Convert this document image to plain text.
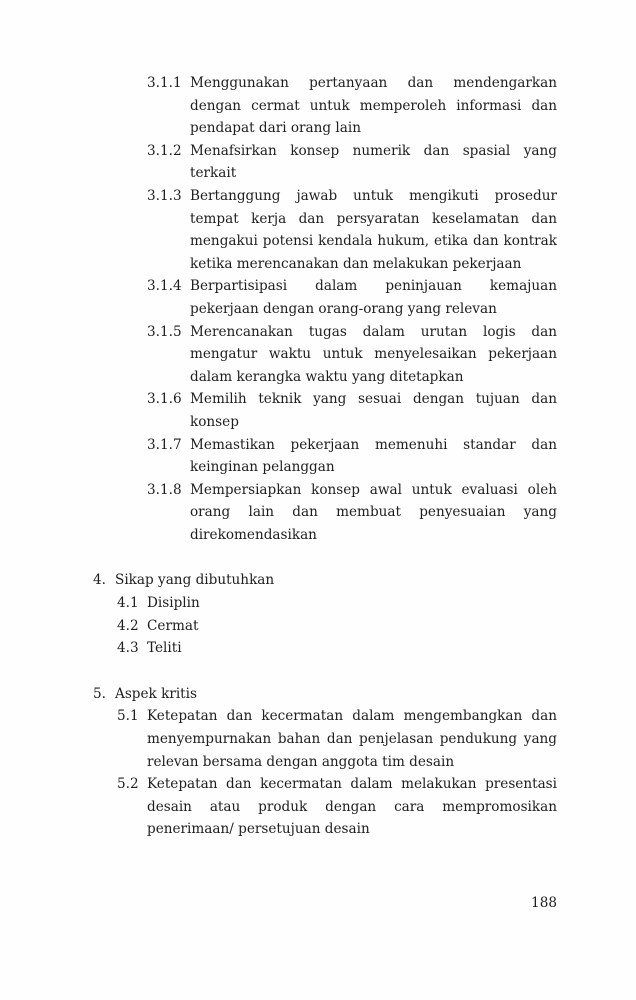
3.1.1 Menggunakan pertanyaan dan mendengarkan dengan cermat untuk memperoleh informasi dan pendapat dari orang lain
3.1.2 Menafsirkan konsep numerik dan spasial yang terkait
3.1.3 Bertanggung jawab untuk mengikuti prosedur tempat kerja dan persyaratan keselamatan dan mengakui potensi kendala hukum, etika dan kontrak ketika merencanakan dan melakukan pekerjaan
3.1.4 Berpartisipasi dalam peninjauan kemajuan pekerjaan dengan orang-orang yang relevan
3.1.5 Merencanakan tugas dalam urutan logis dan mengatur waktu untuk menyelesaikan pekerjaan dalam kerangka waktu yang ditetapkan
3.1.6 Memilih teknik yang sesuai dengan tujuan dan konsep
3.1.7 Memastikan pekerjaan memenuhi standar dan keinginan pelanggan
3.1.8 Mempersiapkan konsep awal untuk evaluasi oleh orang lain dan membuat penyesuaian yang direkomendasikan
4. Sikap yang dibutuhkan
4.1 Disiplin
4.2 Cermat
4.3 Teliti
5. Aspek kritis
5.1 Ketepatan dan kecermatan dalam mengembangkan dan menyempurnakan bahan dan penjelasan pendukung yang relevan bersama dengan anggota tim desain
5.2 Ketepatan dan kecermatan dalam melakukan presentasi desain atau produk dengan cara mempromosikan penerimaan/ persetujuan desain
188
